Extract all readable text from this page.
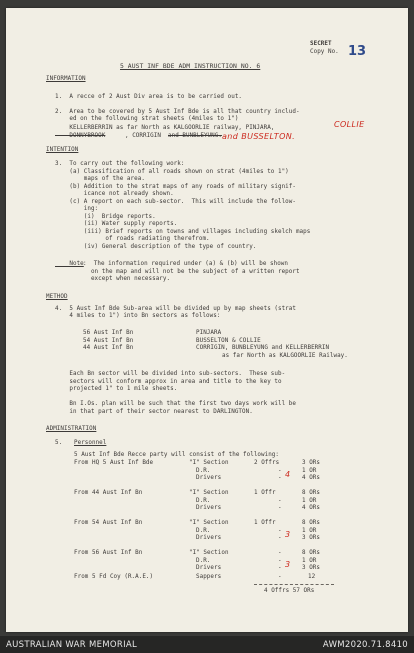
SECRET
Copy No. 13
5 AUST INF BDE ADM INSTRUCTION NO. 6
INFORMATION
1.  A recce of 2 Aust Div area is to be carried out.
2.  Area to be covered by 5 Aust Inf Bde is all that country includ-
ed on the following strat sheets (4miles to 1")
KELLERBERRIN as far North as KALGOORLIE railway, PINJARA,	COLLIE
DONNYBROOK	, CORRIGIN and BUNBLEYUNG. and BUSSELTON.
INTENTION
3.  To carry out the following work:
(a) Classification of all roads shown on strat (4miles to 1")
maps of the area.
(b) Addition to the strat maps of any roads of military signif-
icance not already shown.
(c) A report on each sub-sector.  This will include the follow-
ing:
(i)  Bridge reports.
(ii) Water supply reports.
(iii) Brief reports on towns and villages including skelch maps
of roads radiating therefrom.
(iv) General description of the type of country.
Note :  The information required under (a) & (b) will be shown
on the map and will not be the subject of a written report
except when necessary.
METHOD
4.  5 Aust Inf Bde Sub-area will be divided up by map sheets (strat
4 miles to 1") into Bn sectors as follows:
56 Aust Inf Bn	PINJARA
54 Aust Inf Bn	BUSSELTON & COLLIE
44 Aust Inf Bn	CORRIGIN, BUNBLEYUNG and KELLERBERRIN
as far North as KALGOORLIE Railway.
Each Bn sector will be divided into sub-sectors.  These sub-
sectors will conform approx in area and title to the key to
projected 1" to 1 mile sheets.
Bn I.Os. plan will be such that the first two days work will be
in that part of their sector nearest to DARLINGTON.
ADMINISTRATION
5. Personnel
5 Aust Inf Bde Recce party will consist of the following:
From HQ 5 Aust Inf Bde	"I" Section	2 Offrs	3 ORs
D.R.	-	1 OR
Drivers	- 4 4 ORs
From 44 Aust Inf Bn	"I" Section	1 Offr	8 ORs
D.R.	-	1 OR
Drivers	-	4 ORs
From 54 Aust Inf Bn	"I" Section	1 Offr	8 ORs
D.R.	-	1 OR
Drivers	- 3 3 ORs
From 56 Aust Inf Bn	"I" Section	-	8 ORs
D.R.	-	1 OR
Drivers	- 3 3 ORs
From 5 Fd Coy (R.A.E.)	Sappers	-	12
4 Offrs 57 ORs
AUSTRALIAN WAR MEMORIAL	AWM2020.71.8410
